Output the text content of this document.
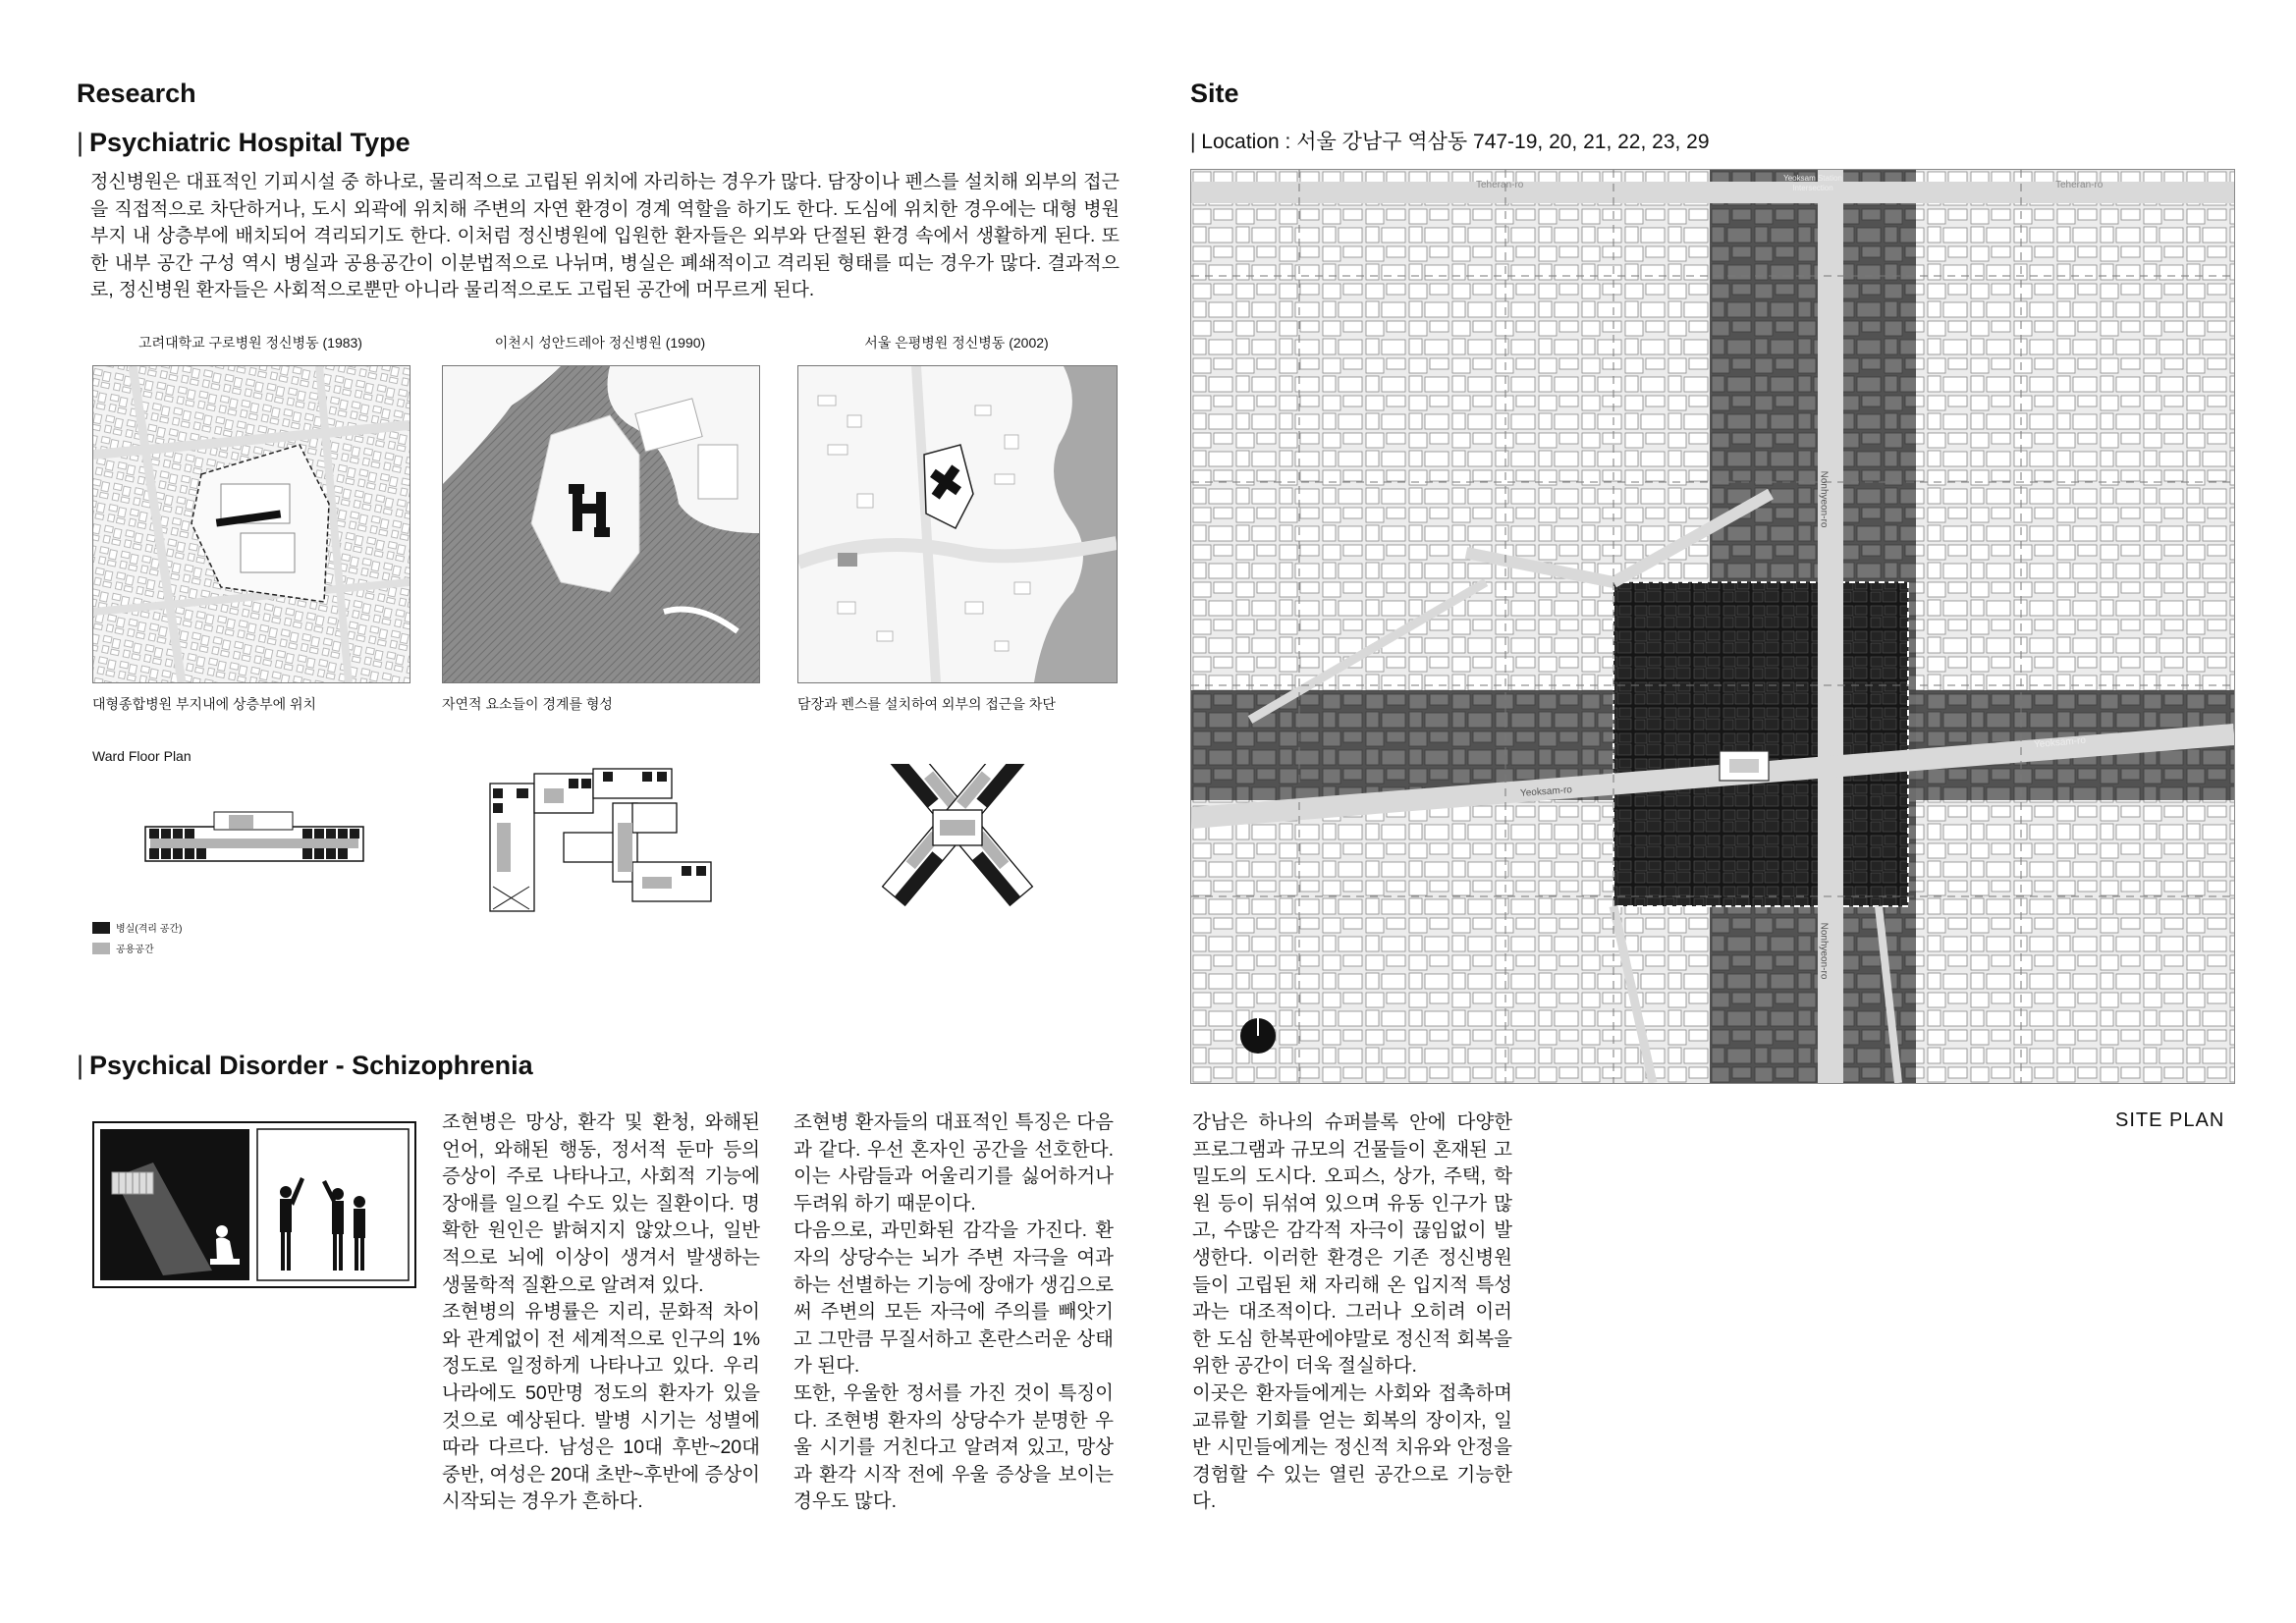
Research
| Psychiatric Hospital Type
정신병원은 대표적인 기피시설 중 하나로, 물리적으로 고립된 위치에 자리하는 경우가 많다. 담장이나 펜스를 설치해 외부의 접근을 직접적으로 차단하거나, 도시 외곽에 위치해 주변의 자연 환경이 경계 역할을 하기도 한다. 도심에 위치한 경우에는 대형 병원 부지 내 상층부에 배치되어 격리되기도 한다. 이처럼 정신병원에 입원한 환자들은 외부와 단절된 환경 속에서 생활하게 된다. 또한 내부 공간 구성 역시 병실과 공용공간이 이분법적으로 나뉘며, 병실은 폐쇄적이고 격리된 형태를 띠는 경우가 많다. 결과적으로, 정신병원 환자들은 사회적으로뿐만 아니라 물리적으로도 고립된 공간에 머무르게 된다.
고려대학교 구로병원 정신병동 (1983)	이천시 성안드레아 정신병원 (1990)	서울 은평병원 정신병동 (2002)
대형종합병원 부지내에 상층부에 위치	자연적 요소들이 경계를 형성	담장과 펜스를 설치하여 외부의 접근을 차단
Ward Floor Plan
병실(격리 공간)
공용공간
| Psychical Disorder - Schizophrenia
조현병은 망상, 환각 및 환청, 와해된 언어, 와해된 행동, 정서적 둔마 등의 증상이 주로 나타나고, 사회적 기능에 장애를 일으킬 수도 있는 질환이다. 명확한 원인은 밝혀지지 않았으나, 일반적으로 뇌에 이상이 생겨서 발생하는 생물학적 질환으로 알려져 있다.
조현병의 유병률은 지리, 문화적 차이와 관계없이 전 세계적으로 인구의 1% 정도로 일정하게 나타나고 있다. 우리나라에도 50만명 정도의 환자가 있을 것으로 예상된다. 발병 시기는 성별에 따라 다르다. 남성은 10대 후반~20대 중반, 여성은 20대 초반~후반에 증상이 시작되는 경우가 흔하다.
조현병 환자들의 대표적인 특징은 다음과 같다. 우선 혼자인 공간을 선호한다. 이는 사람들과 어울리기를 싫어하거나 두려워 하기 때문이다.
다음으로, 과민화된 감각을 가진다. 환자의 상당수는 뇌가 주변 자극을 여과하는 선별하는 기능에 장애가 생김으로써 주변의 모든 자극에 주의를 빼앗기고 그만큼 무질서하고 혼란스러운 상태가 된다.
또한, 우울한 정서를 가진 것이 특징이다. 조현병 환자의 상당수가 분명한 우울 시기를 거친다고 알려져 있고, 망상과 환각 시작 전에 우울 증상을 보이는 경우도 많다.
Site
| Location : 서울 강남구 역삼동 747-19, 20, 21, 22, 23, 29
Teheran-ro	Teheran-ro
Yeoksam Station
Intersection
Nonhyeon-ro
Nonhyeon-ro
Yeoksam-ro
Yeoksam-ro
SITE PLAN
강남은 하나의 슈퍼블록 안에 다양한 프로그램과 규모의 건물들이 혼재된 고밀도의 도시다. 오피스, 상가, 주택, 학원 등이 뒤섞여 있으며 유동 인구가 많고, 수많은 감각적 자극이 끊임없이 발생한다. 이러한 환경은 기존 정신병원들이 고립된 채 자리해 온 입지적 특성과는 대조적이다. 그러나 오히려 이러한 도심 한복판에야말로 정신적 회복을 위한 공간이 더욱 절실하다.
이곳은 환자들에게는 사회와 접촉하며 교류할 기회를 얻는 회복의 장이자, 일반 시민들에게는 정신적 치유와 안정을 경험할 수 있는 열린 공간으로 기능한다.
